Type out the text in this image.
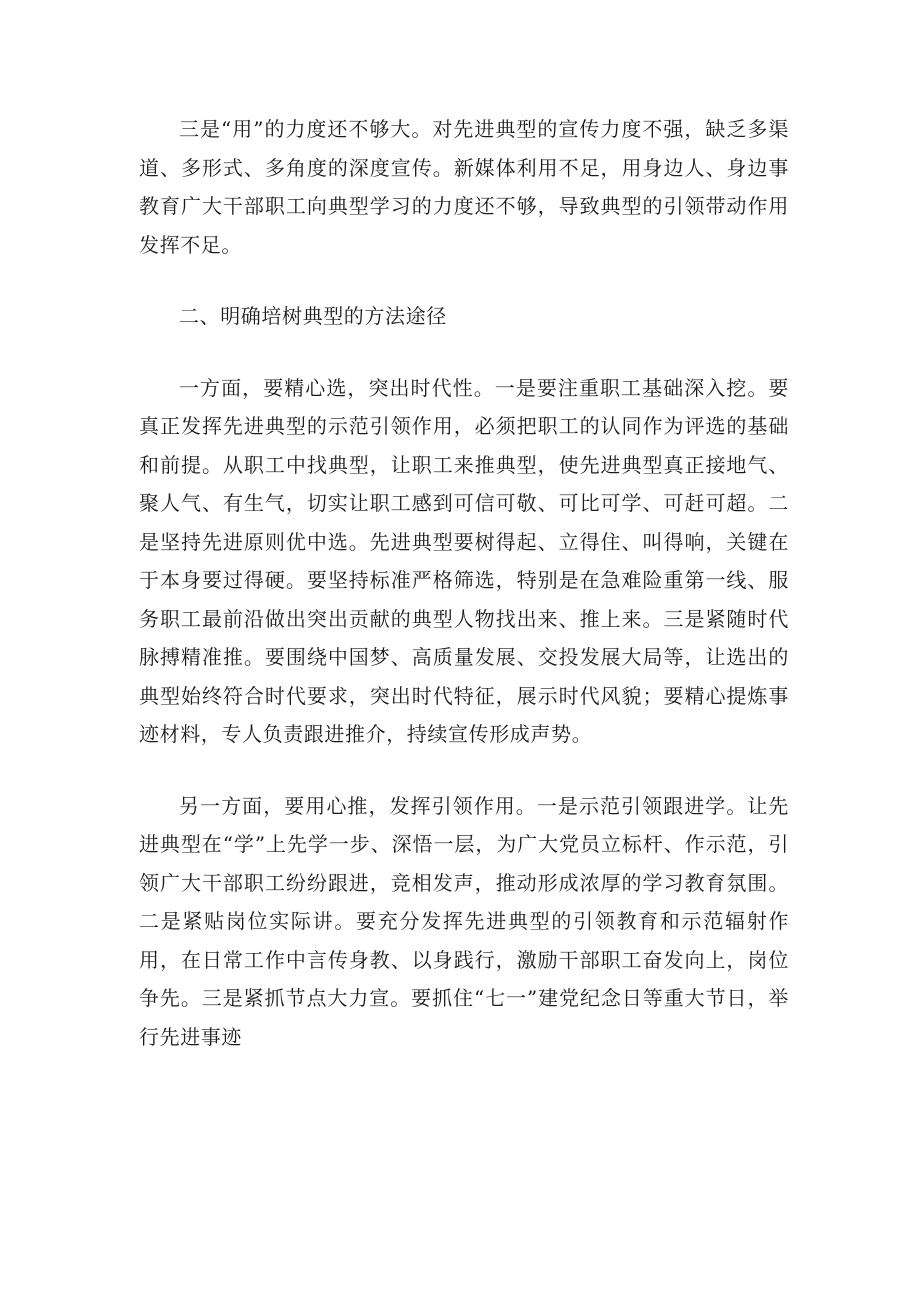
三是“用”的力度还不够大。对先进典型的宣传力度不强，缺乏多渠道、多形式、多角度的深度宣传。新媒体利用不足，用身边人、身边事教育广大干部职工向典型学习的力度还不够，导致典型的引领带动作用发挥不足。

二、明确培树典型的方法途径

一方面，要精心选，突出时代性。一是要注重职工基础深入挖。要真正发挥先进典型的示范引领作用，必须把职工的认同作为评选的基础和前提。从职工中找典型，让职工来推典型，使先进典型真正接地气、聚人气、有生气，切实让职工感到可信可敬、可比可学、可赶可超。二是坚持先进原则优中选。先进典型要树得起、立得住、叫得响，关键在于本身要过得硬。要坚持标准严格筛选，特别是在急难险重第一线、服务职工最前沿做出突出贡献的典型人物找出来、推上来。三是紧随时代脉搏精准推。要围绕中国梦、高质量发展、交投发展大局等，让选出的典型始终符合时代要求，突出时代特征，展示时代风貌；要精心提炼事迹材料，专人负责跟进推介，持续宣传形成声势。

另一方面，要用心推，发挥引领作用。一是示范引领跟进学。让先进典型在“学”上先学一步、深悟一层，为广大党员立标杆、作示范，引领广大干部职工纷纷跟进，竞相发声，推动形成浓厚的学习教育氛围。二是紧贴岗位实际讲。要充分发挥先进典型的引领教育和示范辐射作用，在日常工作中言传身教、以身践行，激励干部职工奋发向上，岗位争先。三是紧抓节点大力宣。要抓住“七一”建党纪念日等重大节日，举行先进事迹
